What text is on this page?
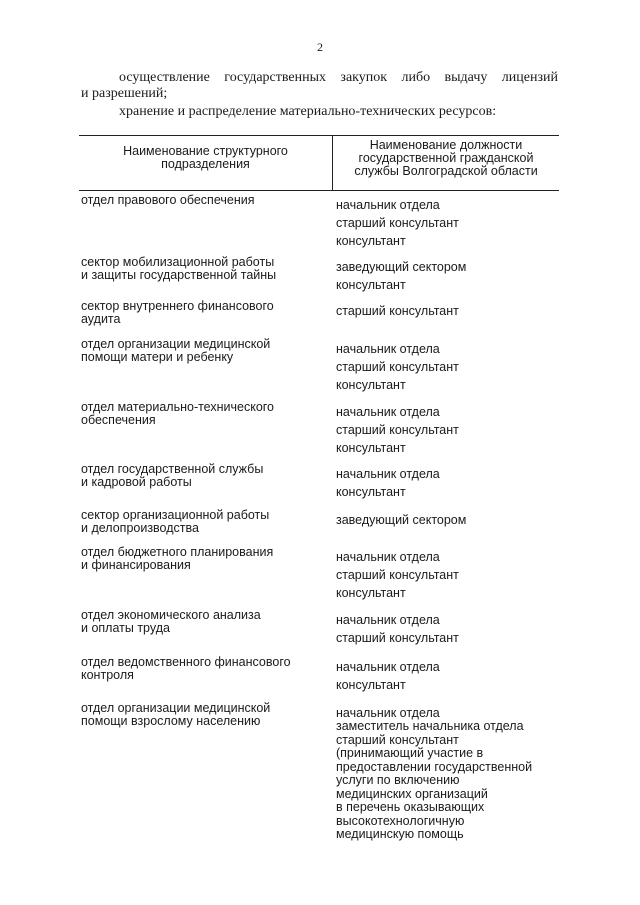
2
осуществление государственных закупок либо выдачу лицензий
и разрешений;
хранение и распределение материально-технических ресурсов:
Наименование структурного
подразделения
Наименование должности
государственной гражданской
службы Волгоградской области
отдел правового обеспечения	начальник отдела
старший консультант
консультант
сектор мобилизационной работы
и защиты государственной тайны
заведующий сектором
консультант
сектор внутреннего финансового
аудита
старший консультант
отдел организации медицинской
помощи матери и ребенку
начальник отдела
старший консультант
консультант
отдел материально-технического
обеспечения
начальник отдела
старший консультант
консультант
отдел государственной службы
и кадровой работы
начальник отдела
консультант
сектор организационной работы
и делопроизводства
заведующий сектором
отдел бюджетного планирования
и финансирования
начальник отдела
старший консультант
консультант
отдел экономического анализа
и оплаты труда
начальник отдела
старший консультант
отдел ведомственного финансового
контроля
начальник отдела
консультант
отдел организации медицинской
помощи взрослому населению
начальник отдела
заместитель начальника отдела
старший консультант
(принимающий участие в
предоставлении государственной
услуги по включению
медицинских организаций
в перечень оказывающих
высокотехнологичную
медицинскую помощь
